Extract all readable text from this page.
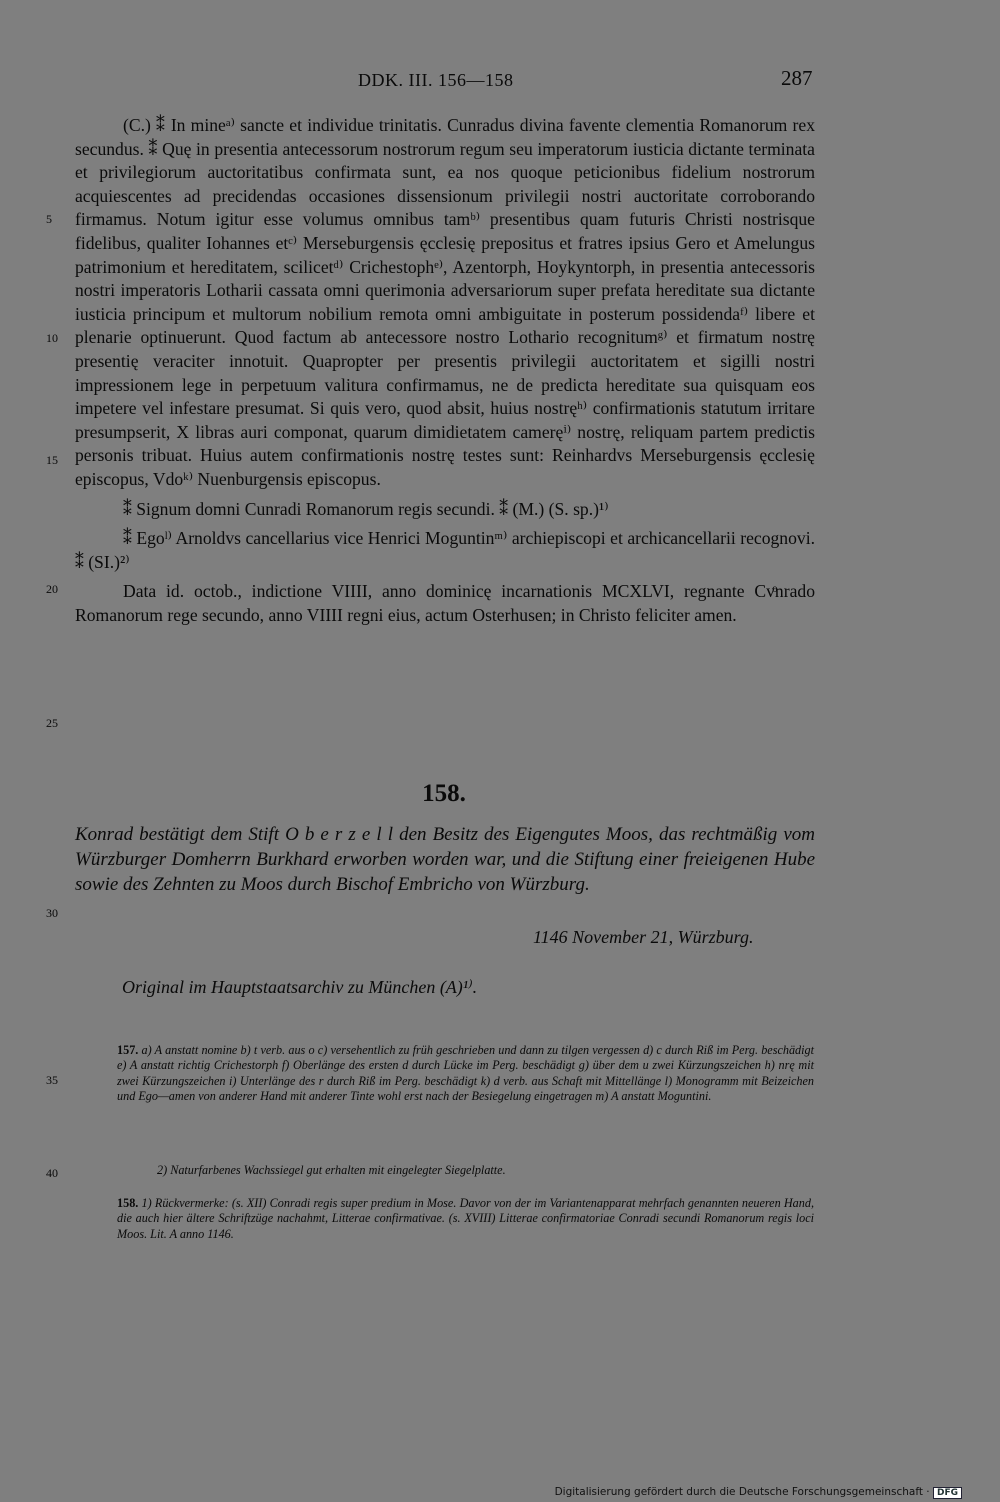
DDK. III. 156—158	287
5
10
15
20
25
30
35
40

(C.) ⁑ In mineᵃ⁾ sancte et individue trinitatis. Cunradus divina favente clementia Romanorum rex secundus. ⁑ Quę in presentia antecessorum nostrorum regum seu imperatorum iusticia dictante terminata et privilegiorum auctoritatibus confirmata sunt, ea nos quoque peticionibus fidelium nostrorum acquiescentes ad precidendas occasiones dissensionum privilegii nostri auctoritate corroborando firmamus. Notum igitur esse volumus omnibus tamᵇ⁾ presentibus quam futuris Christi nostrisque fidelibus, qualiter Iohannes etᶜ⁾ Merseburgensis ęcclesię prepositus et fratres ipsius Gero et Amelungus patrimonium et hereditatem, scilicetᵈ⁾ Crichestophᵉ⁾, Azentorph, Hoykyntorph, in presentia antecessoris nostri imperatoris Lotharii cassata omni querimonia adversariorum super prefata hereditate sua dictante iusticia principum et multorum nobilium remota omni ambiguitate in posterum possidendaᶠ⁾ libere et plenarie optinuerunt. Quod factum ab antecessore nostro Lothario recognitumᵍ⁾ et firmatum nostrę presentię veraciter innotuit. Quapropter per presentis privilegii auctoritatem et sigilli nostri impressionem lege in perpetuum valitura confirmamus, ne de predicta hereditate sua quisquam eos impetere vel infestare presumat. Si quis vero, quod absit, huius nostręʰ⁾ confirmationis statutum irritare presumpserit, X libras auri componat, quarum dimidietatem cameręⁱ⁾ nostrę, reliquam partem predictis personis tribuat. Huius autem confirmationis nostrę testes sunt: Reinhardvs Merseburgensis ęcclesię episcopus, Vdoᵏ⁾ Nuenburgensis episcopus.

⁑ Signum domni Cunradi Romanorum regis secundi. ⁑ (M.) (S. sp.)¹⁾

⁑ Egoˡ⁾ Arnoldvs cancellarius vice Henrici Moguntinᵐ⁾ archiepiscopi et archicancellarii recognovi. ⁑ (SI.)²⁾

Data id. octob., indictione VIIII, anno dominicę incarnationis MCXLVI, regnante Cvͦnrado Romanorum rege secundo, anno VIIII regni eius, actum Osterhusen; in Christo feliciter amen.

158.
Konrad bestätigt dem Stift O b e r z e l l den Besitz des Eigengutes Moos, das rechtmäßig vom Würzburger Domherrn Burkhard erworben worden war, und die Stiftung einer freieigenen Hube sowie des Zehnten zu Moos durch Bischof Embricho von Würzburg.
1146 November 21, Würzburg.
Original im Hauptstaatsarchiv zu München (A)¹⁾.
157. a) A anstatt nomine b) t verb. aus o c) versehentlich zu früh geschrieben und dann zu tilgen vergessen d) c durch Riß im Perg. beschädigt e) A anstatt richtig Crichestorph f) Oberlänge des ersten d durch Lücke im Perg. beschädigt g) über dem u zwei Kürzungszeichen h) nrę mit zwei Kürzungszeichen i) Unterlänge des r durch Riß im Perg. beschädigt k) d verb. aus Schaft mit Mittellänge l) Monogramm mit Beizeichen und Ego—amen von anderer Hand mit anderer Tinte wohl erst nach der Besiegelung eingetragen m) A anstatt Moguntini.
2) Naturfarbenes Wachssiegel gut erhalten mit eingelegter Siegelplatte.
158. 1) Rückvermerke: (s. XII) Conradi regis super predium in Mose. Davor von der im Variantenapparat mehrfach genannten neueren Hand, die auch hier ältere Schriftzüge nachahmt, Litterae confirmativae. (s. XVIII) Litterae confirmatoriae Conradi secundi Romanorum regis loci Moos. Lit. A anno 1146.
Digitalisierung gefördert durch die Deutsche Forschungsgemeinschaft · DFG
